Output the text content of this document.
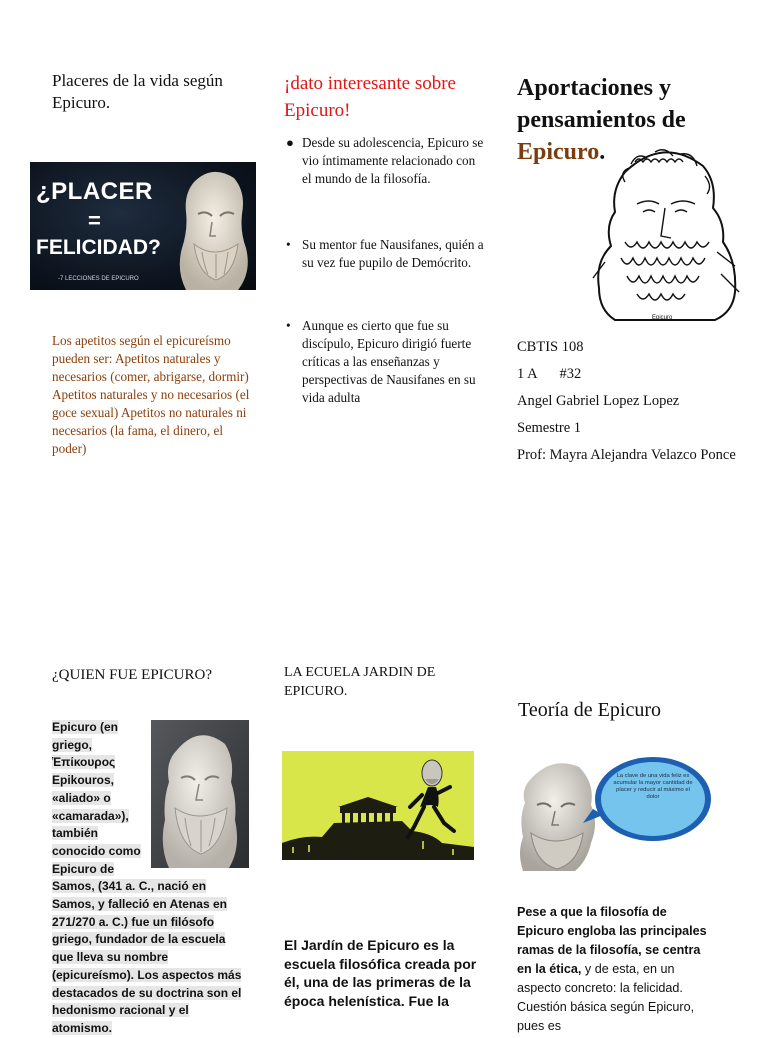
Placeres de la vida según Epicuro.
¿PLACER
=
FELICIDAD?
-7 LECCIONES DE EPICURO
Los apetitos según el epicureísmo pueden ser: Apetitos naturales y necesarios (comer, abrigarse, dormir) Apetitos naturales y no necesarios (el goce sexual) Apetitos no naturales ni necesarios (la fama, el dinero, el poder)
¡dato interesante sobre Epicuro!
● Desde su adolescencia, Epicuro se vio íntimamente relacionado con el mundo de la filosofía.
• Su mentor fue Nausifanes, quién a su vez fue pupilo de Demócrito.
• Aunque es cierto que fue su discípulo, Epicuro dirigió fuerte críticas a las enseñanzas y perspectivas de Nausifanes en su vida adulta
Aportaciones y pensamientos de Epicuro.
Epicuro
CBTIS 108
1 A #32
Angel Gabriel Lopez Lopez
Semestre 1
Prof: Mayra Alejandra Velazco Ponce
¿QUIEN FUE EPICURO?
Epicuro (en griego, Ἐπίκουρος Epikouros, «aliado» o «camarada»), también conocido como Epicuro de Samos, (341 a. C., nació en Samos, y falleció en Atenas en 271/270 a. C.) fue un filósofo griego, fundador de la escuela que lleva su nombre (epicureísmo). Los aspectos más destacados de su doctrina son el hedonismo racional y el atomismo.
LA ECUELA JARDIN DE EPICURO.
El Jardín de Epicuro es la escuela filosófica creada por él, una de las primeras de la época helenística. Fue la
Teoría de Epicuro
La clave de una vida feliz es acumular la mayor cantidad de placer y reducir al máximo el dolor
Pese a que la filosofía de Epicuro engloba las principales ramas de la filosofía, se centra en la ética, y de esta, en un aspecto concreto: la felicidad. Cuestión básica según Epicuro, pues es
